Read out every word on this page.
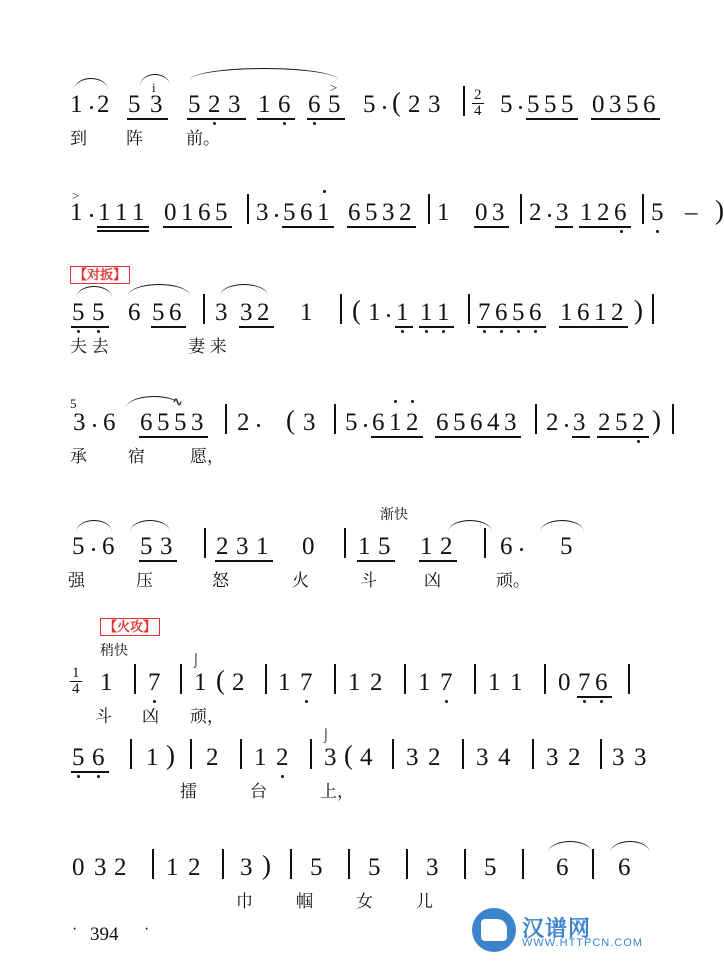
1 2 5 3
i
5 2 3 1 6 6 5
>
5 ( 2 $3 \frac{2}{4} 5$ 5 5 5 0 3 5 6
到 阵	前。
>
1 1 1 1 0 1 6 5 3 5 6 1 6 5 3 2 1 0 3 2 3 1 2 6 5 – )
【对扳】
5 5 6 5 6 3 3 2 1 ( 1 1 1 1 7 6 5 6 1 6 1 2 )
夫 去	妻 来
5
3 6 6 5 5 3
∿
2 ( 3 5 6 1 2 6 5 6 4 3 2 3 2 5 2 )
承 宿	愿，
渐快
5 6 5 3 2 3 1 0 1 5 1 2 6 5
强	压	怒	火	斗	凶	顽。
【火攻】
稍快
$\frac{1}{4} 1$ 7 1
⌡
( 2 1 7 1 2 1 7 1 1 0 7 6
斗 凶 顽，
5 6 1 ) 2 1 2 3
⌡
( 4 3 2 3 4 3 2 3 3
擂	台	上，
0 3 2 1 2 3 ) 5 5 3 5 6 6
巾	帼	女	儿
· 394 ·	汉谱网
WWW.HTTPCN.COM
